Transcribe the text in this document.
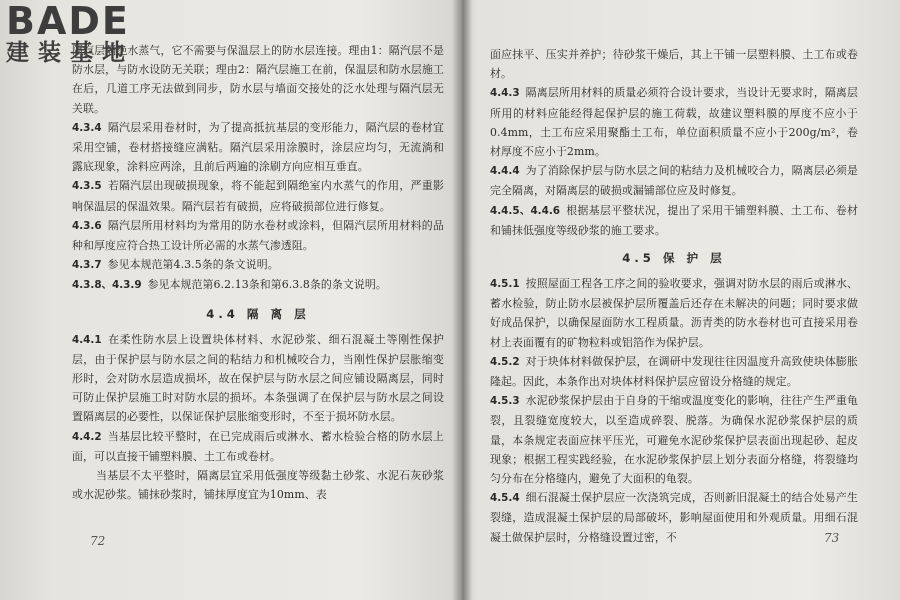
隔汽层隔绝水蒸气，它不需要与保温层上的防水层连接。理由1：隔汽层不是防水层，与防水设防无关联；理由2：隔汽层施工在前，保温层和防水层施工在后，几道工序无法做到同步，防水层与墙面交接处的泛水处理与隔汽层无关联。

4.3.4 隔汽层采用卷材时，为了提高抵抗基层的变形能力，隔汽层的卷材宜采用空铺，卷材搭接缝应满粘。隔汽层采用涂膜时，涂层应均匀，无流淌和露底现象，涂料应两涂，且前后两遍的涂刷方向应相互垂直。

4.3.5 若隔汽层出现破损现象，将不能起到隔绝室内水蒸气的作用，严重影响保温层的保温效果。隔汽层若有破损，应将破损部位进行修复。

4.3.6 隔汽层所用材料均为常用的防水卷材或涂料，但隔汽层所用材料的品种和厚度应符合热工设计所必需的水蒸气渗透阻。

4.3.7 参见本规范第4.3.5条的条文说明。

4.3.8、4.3.9 参见本规范第6.2.13条和第6.3.8条的条文说明。

4.4 隔 离 层

4.4.1 在柔性防水层上设置块体材料、水泥砂浆、细石混凝土等刚性保护层，由于保护层与防水层之间的粘结力和机械咬合力，当刚性保护层胀缩变形时，会对防水层造成损坏，故在保护层与防水层之间应铺设隔离层，同时可防止保护层施工时对防水层的损坏。本条强调了在保护层与防水层之间设置隔离层的必要性，以保证保护层胀缩变形时，不至于损坏防水层。

4.4.2 当基层比较平整时，在已完成雨后或淋水、蓄水检验合格的防水层上面，可以直接干铺塑料膜、土工布或卷材。

当基层不太平整时，隔离层宜采用低强度等级黏土砂浆、水泥石灰砂浆或水泥砂浆。铺抹砂浆时，铺抹厚度宜为10mm、表

72

面应抹平、压实并养护；待砂浆干燥后，其上干铺一层塑料膜、土工布或卷材。

4.4.3 隔离层所用材料的质量必须符合设计要求，当设计无要求时，隔离层所用的材料应能经得起保护层的施工荷载，故建议塑料膜的厚度不应小于0.4mm，土工布应采用聚酯土工布，单位面积质量不应小于200g/m²，卷材厚度不应小于2mm。

4.4.4 为了消除保护层与防水层之间的粘结力及机械咬合力，隔离层必须是完全隔离，对隔离层的破损或漏铺部位应及时修复。

4.4.5、4.4.6 根据基层平整状况，提出了采用干铺塑料膜、土工布、卷材和铺抹低强度等级砂浆的施工要求。

4.5 保 护 层

4.5.1 按照屋面工程各工序之间的验收要求，强调对防水层的雨后或淋水、蓄水检验，防止防水层被保护层所覆盖后还存在未解决的问题；同时要求做好成品保护，以确保屋面防水工程质量。沥青类的防水卷材也可直接采用卷材上表面覆有的矿物粒料或铝箔作为保护层。

4.5.2 对于块体材料做保护层，在调研中发现往往因温度升高致使块体膨胀隆起。因此，本条作出对块体材料保护层应留设分格缝的规定。

4.5.3 水泥砂浆保护层由于自身的干缩或温度变化的影响，往往产生严重龟裂，且裂缝宽度较大，以至造成碎裂、脱落。为确保水泥砂浆保护层的质量，本条规定表面应抹平压光，可避免水泥砂浆保护层表面出现起砂、起皮现象；根据工程实践经验，在水泥砂浆保护层上划分表面分格缝，将裂缝均匀分布在分格缝内，避免了大面积的龟裂。

4.5.4 细石混凝土保护层应一次浇筑完成，否则新旧混凝土的结合处易产生裂缝，造成混凝土保护层的局部破坏，影响屋面使用和外观质量。用细石混凝土做保护层时，分格缝设置过密，不	73
BADE
建装基地
